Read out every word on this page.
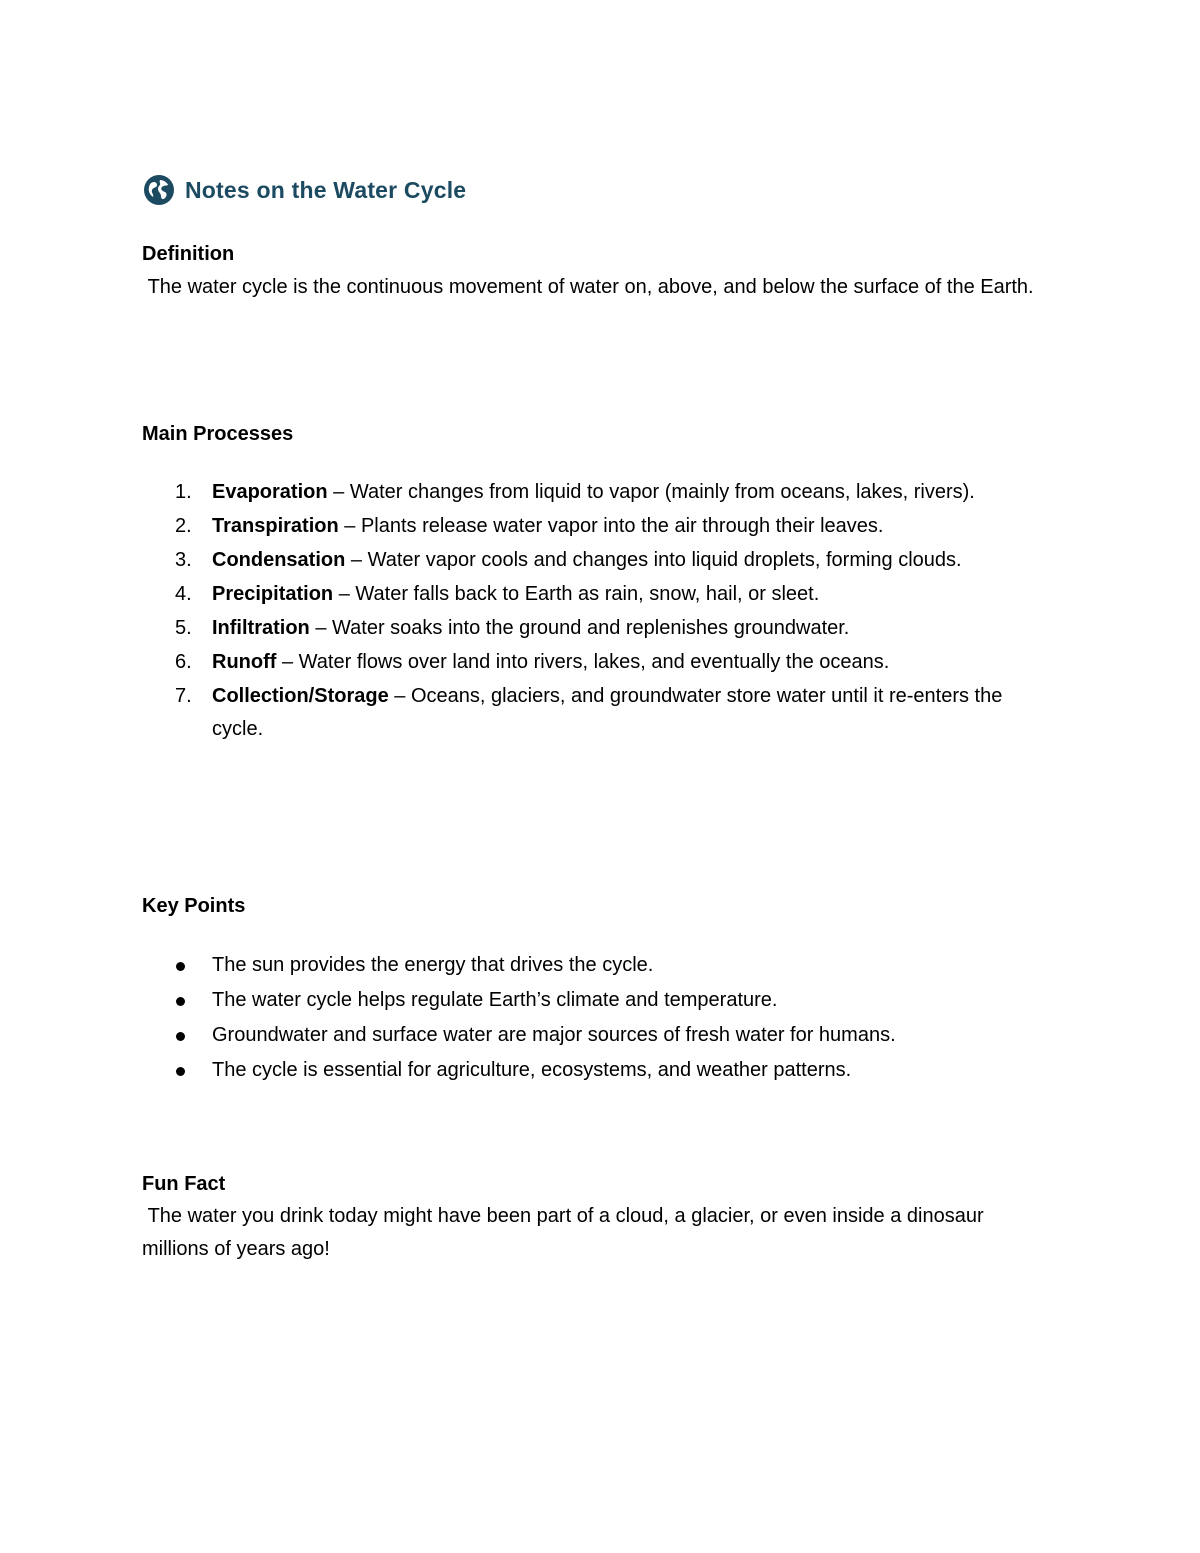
Notes on the Water Cycle
Definition
The water cycle is the continuous movement of water on, above, and below the surface of the Earth.
Main Processes
1. Evaporation – Water changes from liquid to vapor (mainly from oceans, lakes, rivers).
2. Transpiration – Plants release water vapor into the air through their leaves.
3. Condensation – Water vapor cools and changes into liquid droplets, forming clouds.
4. Precipitation – Water falls back to Earth as rain, snow, hail, or sleet.
5. Infiltration – Water soaks into the ground and replenishes groundwater.
6. Runoff – Water flows over land into rivers, lakes, and eventually the oceans.
7. Collection/Storage – Oceans, glaciers, and groundwater store water until it re-enters the cycle.
Key Points
The sun provides the energy that drives the cycle.
The water cycle helps regulate Earth’s climate and temperature.
Groundwater and surface water are major sources of fresh water for humans.
The cycle is essential for agriculture, ecosystems, and weather patterns.
Fun Fact
The water you drink today might have been part of a cloud, a glacier, or even inside a dinosaur millions of years ago!
